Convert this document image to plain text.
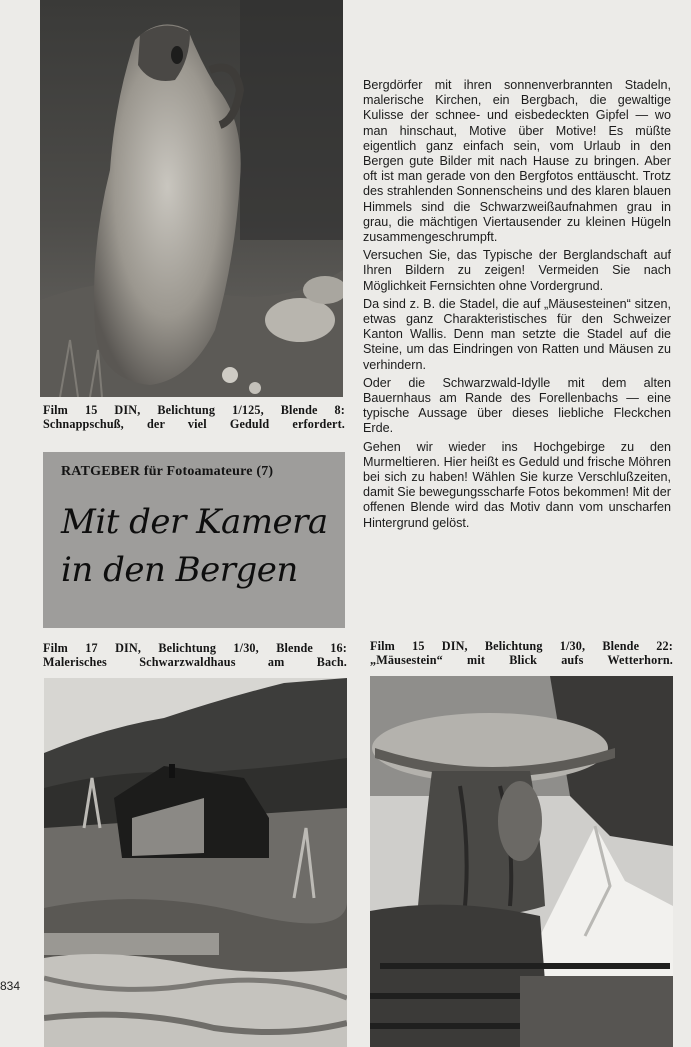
Film 15 DIN, Belichtung 1/125, Blende 8:
Schnappschuß, der viel Geduld erfordert.
RATGEBER für Fotoamateure (7)
Mit der Kamera
in den Bergen

Bergdörfer mit ihren sonnenverbrannten Stadeln, malerische Kirchen, ein Bergbach, die gewaltige Kulisse der schnee- und eisbedeckten Gipfel — wo man hinschaut, Motive über Motive! Es müßte eigentlich ganz einfach sein, vom Urlaub in den Bergen gute Bilder mit nach Hause zu bringen. Aber oft ist man gerade von den Bergfotos enttäuscht. Trotz des strahlenden Sonnenscheins und des klaren blauen Himmels sind die Schwarzweißaufnahmen grau in grau, die mächtigen Viertausender zu kleinen Hügeln zusammengeschrumpft.

Versuchen Sie, das Typische der Berglandschaft auf Ihren Bildern zu zeigen! Vermeiden Sie nach Möglichkeit Fernsichten ohne Vordergrund.

Da sind z. B. die Stadel, die auf „Mäusesteinen“ sitzen, etwas ganz Charakteristisches für den Schweizer Kanton Wallis. Denn man setzte die Stadel auf die Steine, um das Eindringen von Ratten und Mäusen zu verhindern.

Oder die Schwarzwald-Idylle mit dem alten Bauernhaus am Rande des Forellenbachs — eine typische Aussage über dieses liebliche Fleckchen Erde.

Gehen wir wieder ins Hochgebirge zu den Murmeltieren. Hier heißt es Geduld und frische Möhren bei sich zu haben! Wählen Sie kurze Verschlußzeiten, damit Sie bewegungsscharfe Fotos bekommen! Mit der offenen Blende wird das Motiv dann vom unscharfen Hintergrund gelöst.

Film 17 DIN, Belichtung 1/30, Blende 16:
Malerisches Schwarzwaldhaus am Bach.
Film 15 DIN, Belichtung 1/30, Blende 22:
„Mäusestein“ mit Blick aufs Wetterhorn.
834
